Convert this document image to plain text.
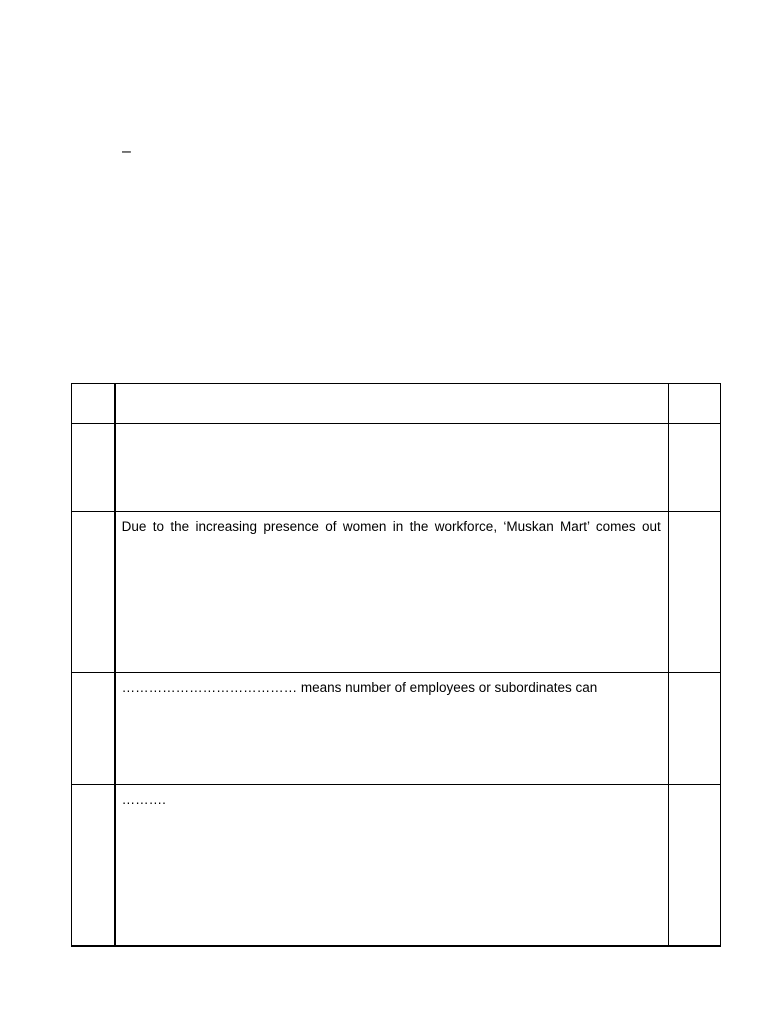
–

	Due to the increasing presence of women in the workforce, ‘Muskan Mart’ comes out	

	………………………………… means number of employees or subordinates can	

	……….	
